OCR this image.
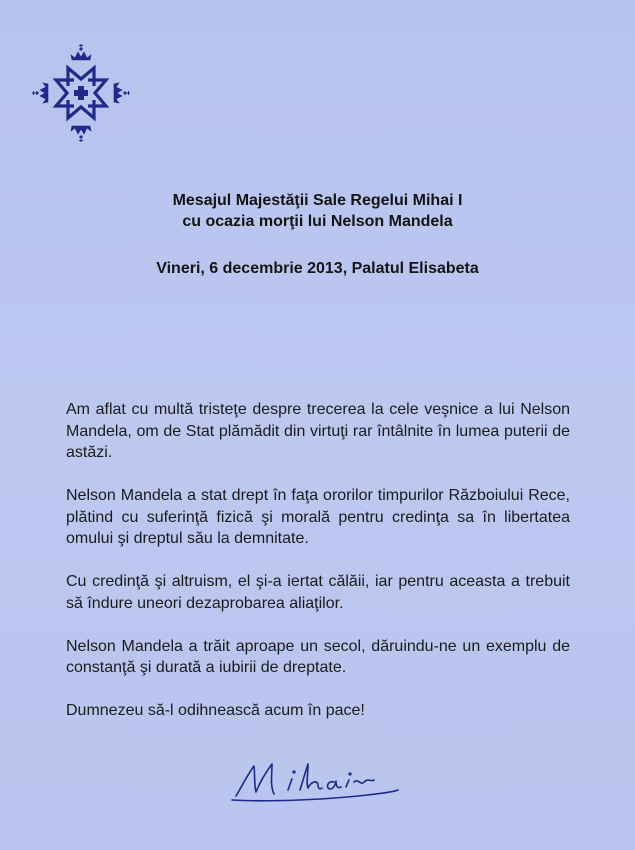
Mesajul Majestăţii Sale Regelui Mihai I
cu ocazia morţii lui Nelson Mandela
Vineri, 6 decembrie 2013, Palatul Elisabeta

Am aflat cu multă tristeţe despre trecerea la cele veşnice a lui Nelson Mandela, om de Stat plămădit din virtuţi rar întâlnite în lumea puterii de astăzi.

Nelson Mandela a stat drept în faţa ororilor timpurilor Războiului Rece, plătind cu suferinţă fizică şi morală pentru credinţa sa în libertatea omului şi dreptul său la demnitate.

Cu credinţă şi altruism, el şi-a iertat călăii, iar pentru aceasta a trebuit să îndure uneori dezaprobarea aliaţilor.

Nelson Mandela a trăit aproape un secol, dăruindu-ne un exemplu de constanţă şi durată a iubirii de dreptate.

Dumnezeu să-l odihnească acum în pace!
